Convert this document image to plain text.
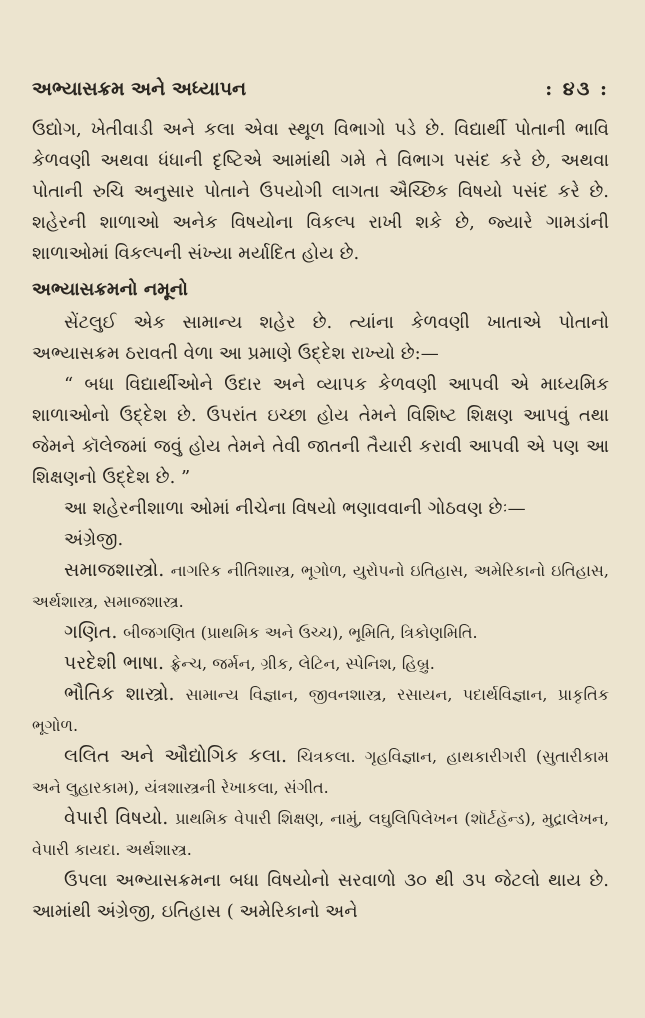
અભ્યાસક્રમ અને અધ્યાપન	: ૪૩ :

ઉદ્યોગ, ખેતીવાડી અને કલા એવા સ્થૂળ વિભાગો પડે છે. વિદ્યાર્થી પોતાની ભાવિ કેળવણી અથવા ધંધાની દૃષ્ટિએ આમાંથી ગમે તે વિભાગ પસંદ કરે છે, અથવા પોતાની રુચિ અનુસાર પોતાને ઉપયોગી લાગતા ઐચ્છિક વિષયો પસંદ કરે છે. શહેરની શાળાઓ અનેક વિષયોના વિકલ્પ રાખી શકે છે, જ્યારે ગામડાંની શાળાઓમાં વિકલ્પની સંખ્યા મર્યાદિત હોય છે.

અભ્યાસક્રમનો નમૂનો

સેંટલુઈ એક સામાન્ય શહેર છે. ત્યાંના કેળવણી ખાતાએ પોતાનો અભ્યાસક્રમ ઠરાવતી વેળા આ પ્રમાણે ઉદ્દેશ રાખ્યો છે:—

“ બધા વિદ્યાર્થીઓને ઉદાર અને વ્યાપક કેળવણી આપવી એ માધ્યમિક શાળાઓનો ઉદ્દેશ છે. ઉપરાંત ઇચ્છા હોય તેમને વિશિષ્ટ શિક્ષણ આપવું તથા જેમને કૉલેજમાં જવું હોય તેમને તેવી જાતની તૈયારી કરાવી આપવી એ પણ આ શિક્ષણનો ઉદ્દેશ છે. ”

આ શહેરનીશાળા ઓમાં નીચેના વિષયો ભણાવવાની ગોઠવણ છેઃ—

અંગ્રેજી.

સમાજશાસ્ત્રો. નાગરિક નીતિશાસ્ત્ર, ભૂગોળ, યુરોપનો ઇતિહાસ, અમેરિકાનો ઇતિહાસ, અર્થશાસ્ત્ર, સમાજશાસ્ત્ર.

ગણિત. બીજગણિત (પ્રાથમિક અને ઉચ્ચ), ભૂમિતિ, ત્રિકોણમિતિ.

પરદેશી ભાષા. ફ્રેન્ચ, જર્મન, ગ્રીક, લેટિન, સ્પેનિશ, હિબ્રુ.

ભૌતિક શાસ્ત્રો. સામાન્ય વિજ્ઞાન, જીવનશાસ્ત્ર, રસાયન, પદાર્થવિજ્ઞાન, પ્રાકૃતિક ભૂગોળ.

લલિત અને ઔદ્યોગિક કલા. ચિત્રકલા. ગૃહવિજ્ઞાન, હાથકારીગરી (સુતારીકામ અને લુહારકામ), યંત્રશાસ્ત્રની રેખાકલા, સંગીત.

વેપારી વિષયો. પ્રાથમિક વેપારી શિક્ષણ, નામું, લઘુલિપિલેખન (શૉર્ટહૅન્ડ), મુદ્રાલેખન, વેપારી કાયદા. અર્થશાસ્ત્ર.

ઉપલા અભ્યાસક્રમના બધા વિષયોનો સરવાળો ૩૦ થી ૩૫ જેટલો થાય છે. આમાંથી અંગ્રેજી, ઇતિહાસ ( અમેરિકાનો અને
